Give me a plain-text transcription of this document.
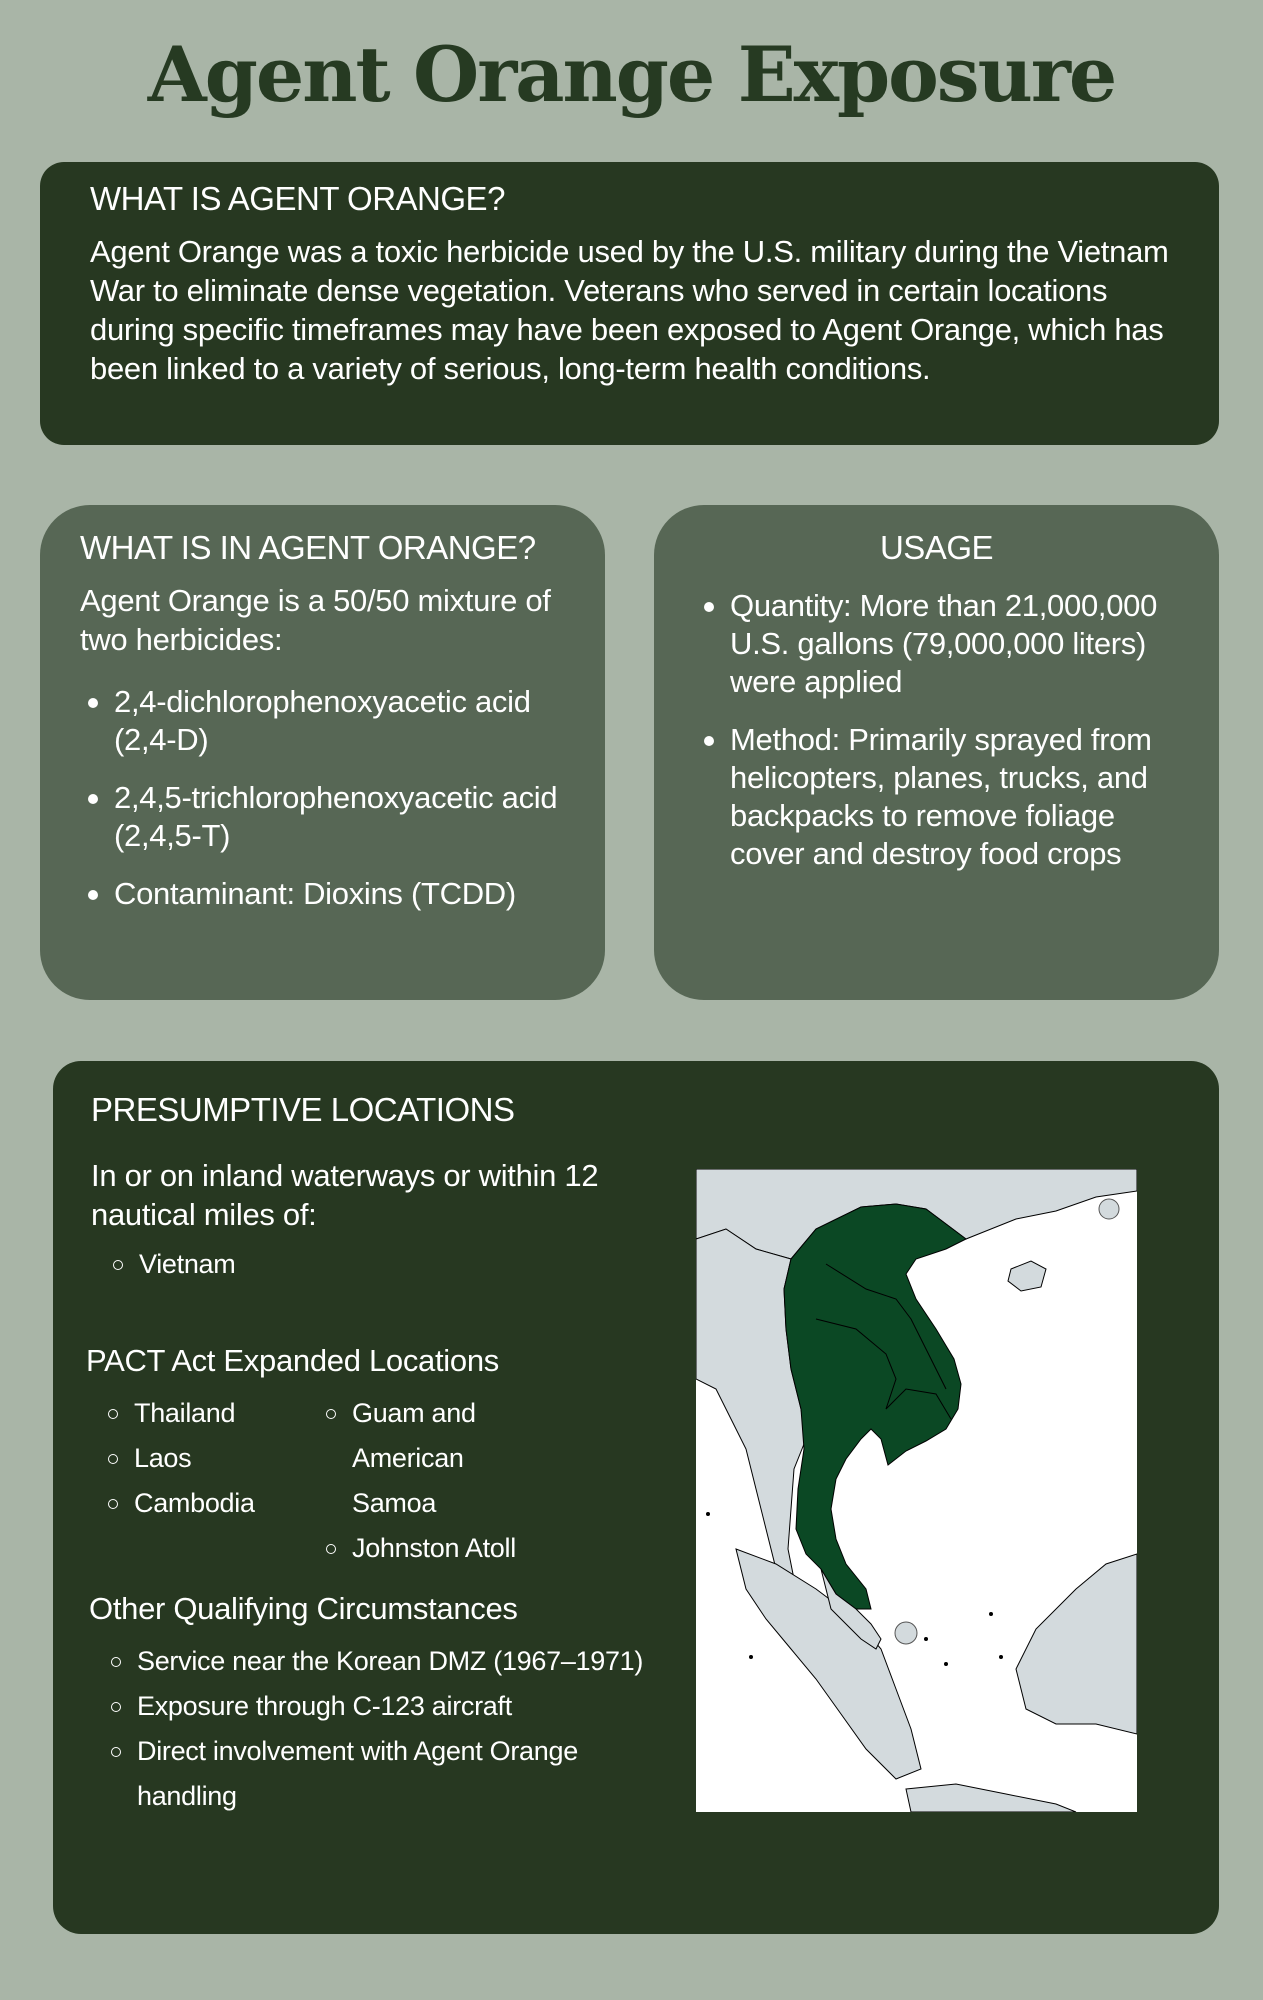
Agent Orange Exposure
WHAT IS AGENT ORANGE?

Agent Orange was a toxic herbicide used by the U.S. military during the Vietnam War to eliminate dense vegetation. Veterans who served in certain locations during specific timeframes may have been exposed to Agent Orange, which has been linked to a variety of serious, long-term health conditions.

WHAT IS IN AGENT ORANGE?

Agent Orange is a 50/50 mixture of two herbicides:

2,4-dichlorophenoxyacetic acid (2,4-D)
2,4,5-trichlorophenoxyacetic acid (2,4,5-T)
Contaminant: Dioxins (TCDD)
USAGE
Quantity: More than 21,000,000 U.S. gallons (79,000,000 liters) were applied
Method: Primarily sprayed from helicopters, planes, trucks, and backpacks to remove foliage cover and destroy food crops
PRESUMPTIVE LOCATIONS

In or on inland waterways or within 12 nautical miles of:

Vietnam

PACT Act Expanded Locations

Thailand
Laos
Cambodia
Guam and American Samoa
Johnston Atoll

Other Qualifying Circumstances

Service near the Korean DMZ (1967–1971)
Exposure through C-123 aircraft
Direct involvement with Agent Orange handling
